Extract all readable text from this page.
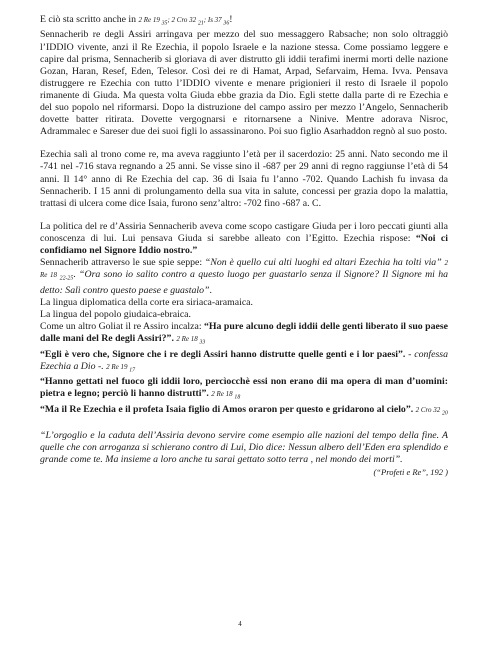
E ciò sta scritto anche in 2 Re 19 $_{35}$; 2 Cro 32 $_{21}$; Is 37 $_{36}$!
Sennacherib re degli Assiri arringava per mezzo del suo messaggero Rabsache; non solo oltraggiò l’IDDIO vivente, anzi il Re Ezechia, il popolo Israele e la nazione stessa. Come possiamo leggere e capire dal prisma, Sennacherib si gloriava di aver distrutto gli iddii terafimi inermi morti delle nazione Gozan, Haran, Resef, Eden, Telesor. Così dei re di Hamat, Arpad, Sefarvaim, Hema. Ivva. Pensava distruggere re Ezechia con tutto l’IDDIO vivente e menare prigionieri il resto di Israele il popolo rimanente di Giuda. Ma questa volta Giuda ebbe grazia da Dio. Egli stette dalla parte di re Ezechia e del suo popolo nel riformarsi. Dopo la distruzione del campo assiro per mezzo l’Angelo, Sennacherib dovette batter ritirata. Dovette vergognarsi e ritornarsene a Ninive. Mentre adorava Nisroc, Adrammalec e Sareser due dei suoi figli lo assassinarono. Poi suo figlio Asarhaddon regnò al suo posto.

Ezechia salì al trono come re, ma aveva raggiunto l’età per il sacerdozio: 25 anni. Nato secondo me il -741 nel -716 stava regnando a 25 anni. Se visse sino il -687 per 29 anni di regno raggiunse l’età di 54 anni. Il 14° anno di Re Ezechia del cap. 36 di Isaia fu l’anno -702. Quando Lachish fu invasa da Sennacherib. I 15 anni di prolungamento della sua vita in salute, concessi per grazia dopo la malattia, trattasi di ulcera come dice Isaia, furono senz’altro: -702 fino -687 a. C.

La politica del re d’Assiria Sennacherib aveva come scopo castigare Giuda per i loro peccati giunti alla conoscenza di lui. Lui pensava Giuda si sarebbe alleato con l’Egitto. Ezechia rispose: “Noi ci confidiamo nel Signore Iddio nostro.”
Sennacherib attraverso le sue spie seppe: “Non è quello cui alti luoghi ed altari Ezechia ha tolti via” 2 Re 18 $_{22-25}$. “Ora sono io salito contro a questo luogo per guastarlo senza il Signore? Il Signore mi ha detto: Salì contro questo paese e guastalo”.
La lingua diplomatica della corte era siriaca-aramaica.
La lingua del popolo giudaica-ebraica.
Come un altro Goliat il re Assiro incalza: “Ha pure alcuno degli iddii delle genti liberato il suo paese dalle mani del Re degli Assiri?”. 2 Re 18 $_{33}$
“Egli è vero che, Signore che i re degli Assiri hanno distrutte quelle genti e i lor paesi”. - confessa Ezechia a Dio -. 2 Re 19 $_{17}$
“Hanno gettati nel fuoco gli iddii loro, percìocchè essi non erano dii ma opera di man d’uomini: pietra e legno; perciò li hanno distrutti”. 2 Re 18 $_{18}$
“Ma il Re Ezechia e il profeta Isaia figlio di Amos oraron per questo e gridarono al cielo”. 2 Cro 32 $_{20}$

“L’orgoglio e la caduta dell’Assiria devono servire come esempio alle nazioni del tempo della fine. A quelle che con arroganza si schierano contro di Lui, Dio dice: Nessun albero dell’Eden era splendido e grande come te. Ma insieme a loro anche tu sarai gettato sotto terra , nel mondo dei morti”.
(“Profeti e Re”, 192 )

4
